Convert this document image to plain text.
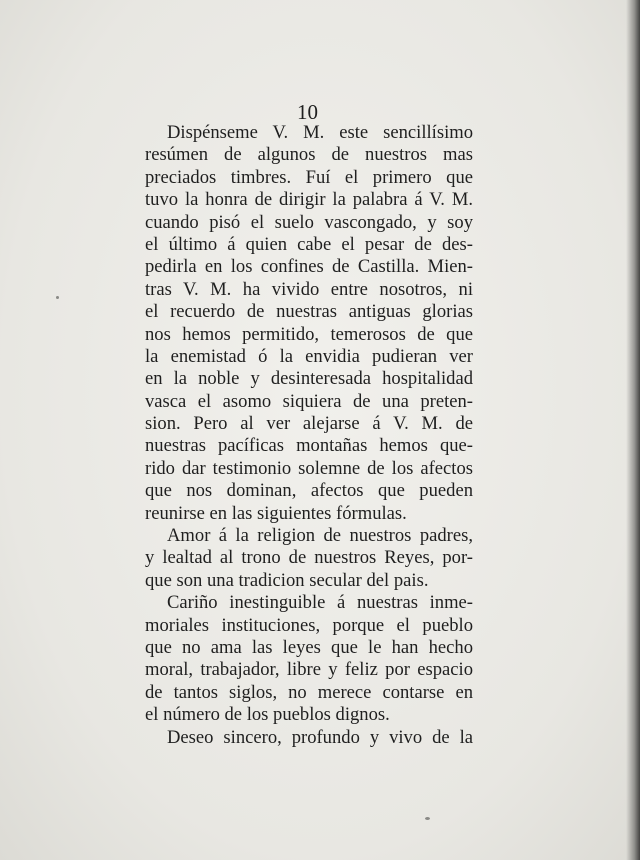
10
Dispénseme V. M. este sencillísimo
resúmen de algunos de nuestros mas
preciados timbres. Fuí el primero que
tuvo la honra de dirigir la palabra á V. M.
cuando pisó el suelo vascongado, y soy
el último á quien cabe el pesar de des-
pedirla en los confines de Castilla. Mien-
tras V. M. ha vivido entre nosotros, ni
el recuerdo de nuestras antiguas glorias
nos hemos permitido, temerosos de que
la enemistad ó la envidia pudieran ver
en la noble y desinteresada hospitalidad
vasca el asomo siquiera de una preten-
sion. Pero al ver alejarse á V. M. de
nuestras pacíficas montañas hemos que-
rido dar testimonio solemne de los afectos
que nos dominan, afectos que pueden
reunirse en las siguientes fórmulas.
Amor á la religion de nuestros padres,
y lealtad al trono de nuestros Reyes, por-
que son una tradicion secular del pais.
Cariño inestinguible á nuestras inme-
moriales instituciones, porque el pueblo
que no ama las leyes que le han hecho
moral, trabajador, libre y feliz por espacio
de tantos siglos, no merece contarse en
el número de los pueblos dignos.
Deseo sincero, profundo y vivo de la
